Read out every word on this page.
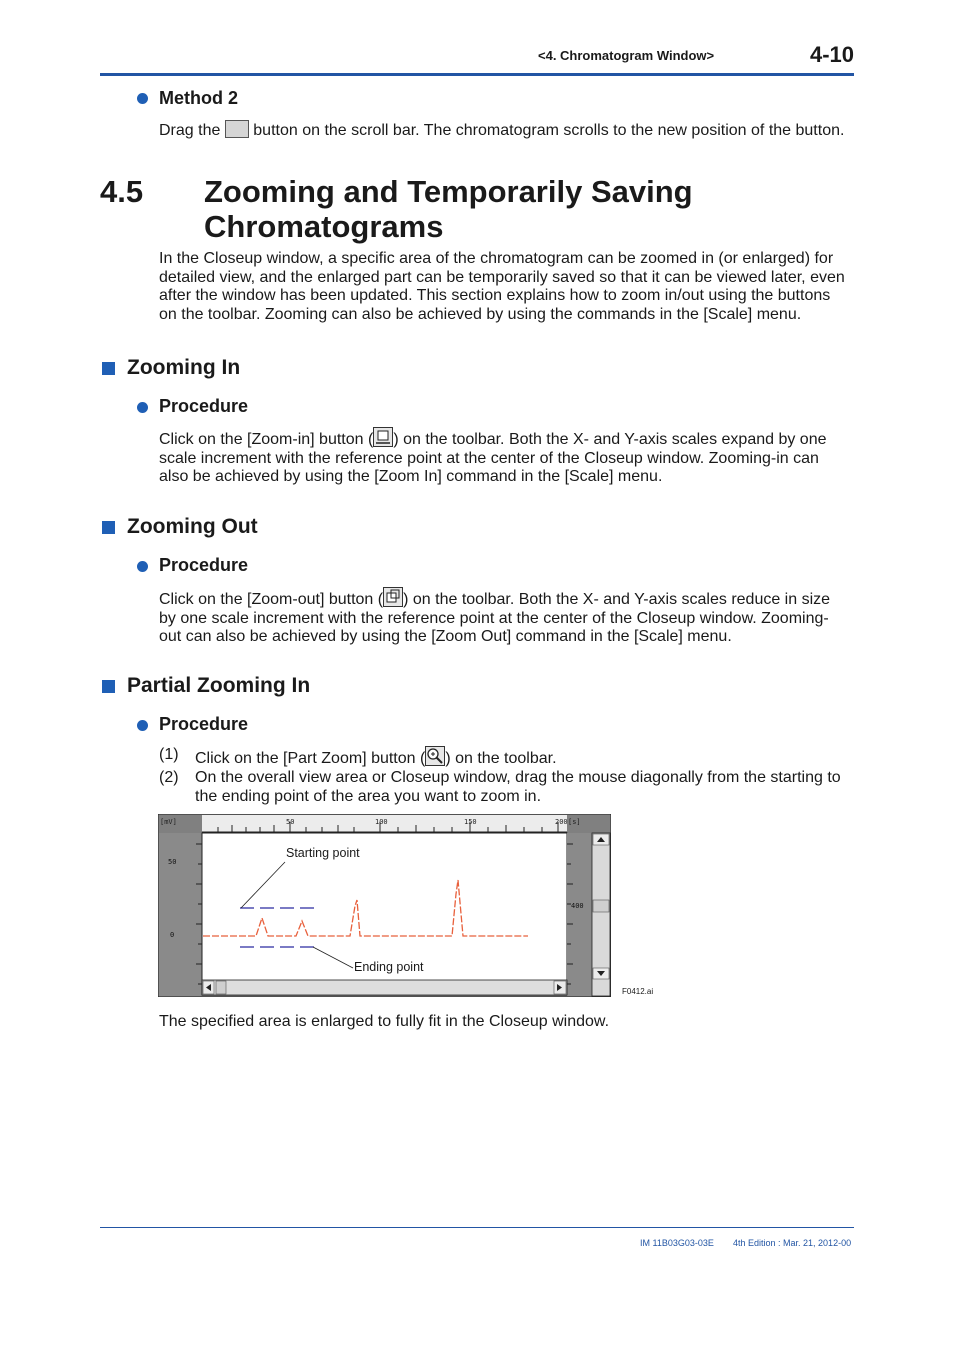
<4. Chromatogram Window>	4-10
Method 2
Drag the button on the scroll bar. The chromatogram scrolls to the new position of the button.
4.5 Zooming and Temporarily Saving
Chromatograms
In the Closeup window, a specific area of the chromatogram can be zoomed in (or enlarged) for
detailed view, and the enlarged part can be temporarily saved so that it can be viewed later, even
after the window has been updated. This section explains how to zoom in/out using the buttons
on the toolbar. Zooming can also be achieved by using the commands in the [Scale] menu.
Zooming In
Procedure
Click on the [Zoom-in] button ( ) on the toolbar. Both the X- and Y-axis scales expand by one
scale increment with the reference point at the center of the Closeup window. Zooming-in can
also be achieved by using the [Zoom In] command in the [Scale] menu.
Zooming Out
Procedure
Click on the [Zoom-out] button ( ) on the toolbar. Both the X- and Y-axis scales reduce in size
by one scale increment with the reference point at the center of the Closeup window. Zooming-
out can also be achieved by using the [Zoom Out] command in the [Scale] menu.
Partial Zooming In
Procedure
(1) Click on the [Part Zoom] button ( ) on the toolbar.
(2) On the overall view area or Closeup window, drag the mouse diagonally from the starting to
the ending point of the area you want to zoom in.
[mV]	50	100	150	200 [s]
50
0
400
Starting point
Ending point
F0412.ai
The specified area is enlarged to fully fit in the Closeup window.
IM 11B03G03-03E 4th Edition : Mar. 21, 2012-00
